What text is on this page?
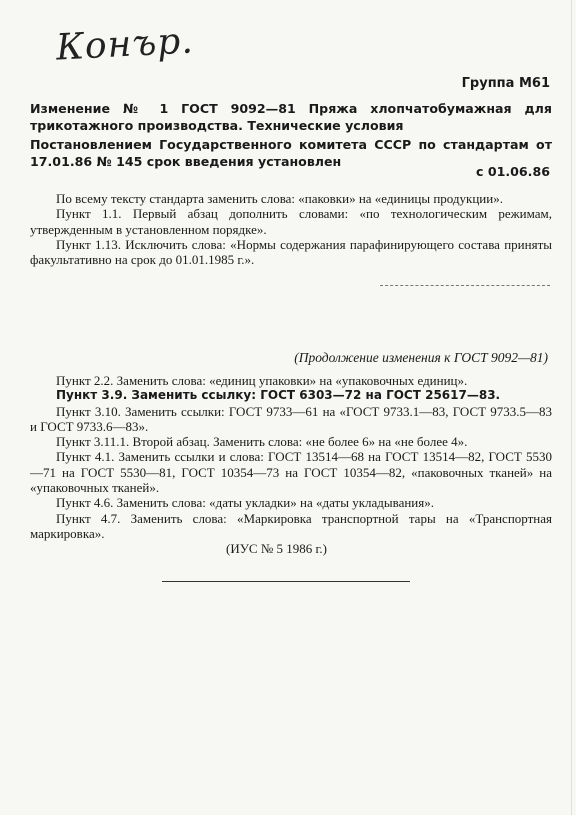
Конър.
Группа М61
Изменение № 1 ГОСТ 9092—81 Пряжа хлопчатобумажная для трикотажного производства. Технические условия
Постановлением Государственного комитета СССР по стандартам от 17.01.86 № 145 срок введения установлен
с 01.06.86

По всему тексту стандарта заменить слова: «паковки» на «единицы продукции».

Пункт 1.1. Первый абзац дополнить словами: «по технологическим режимам, утвержденным в установленном порядке».

Пункт 1.13. Исключить слова: «Нормы содержания парафинирующего состава приняты факультативно на срок до 01.01.1985 г.».

(Продолжение изменения к ГОСТ 9092—81)

Пункт 2.2. Заменить слова: «единиц упаковки» на «упаковочных единиц».

Пункт 3.9. Заменить ссылку: ГОСТ 6303—72 на ГОСТ 25617—83.

Пункт 3.10. Заменить ссылки: ГОСТ 9733—61 на «ГОСТ 9733.1—83, ГОСТ 9733.5—83 и ГОСТ 9733.6—83».

Пункт 3.11.1. Второй абзац. Заменить слова: «не более 6» на «не более 4».

Пункт 4.1. Заменить ссылки и слова: ГОСТ 13514—68 на ГОСТ 13514—82, ГОСТ 5530—71 на ГОСТ 5530—81, ГОСТ 10354—73 на ГОСТ 10354—82, «паковочных тканей» на «упаковочных тканей».

Пункт 4.6. Заменить слова: «даты укладки» на «даты укладывания».

Пункт 4.7. Заменить слова: «Маркировка транспортной тары на «Транспортная маркировка».

(ИУС № 5 1986 г.)
